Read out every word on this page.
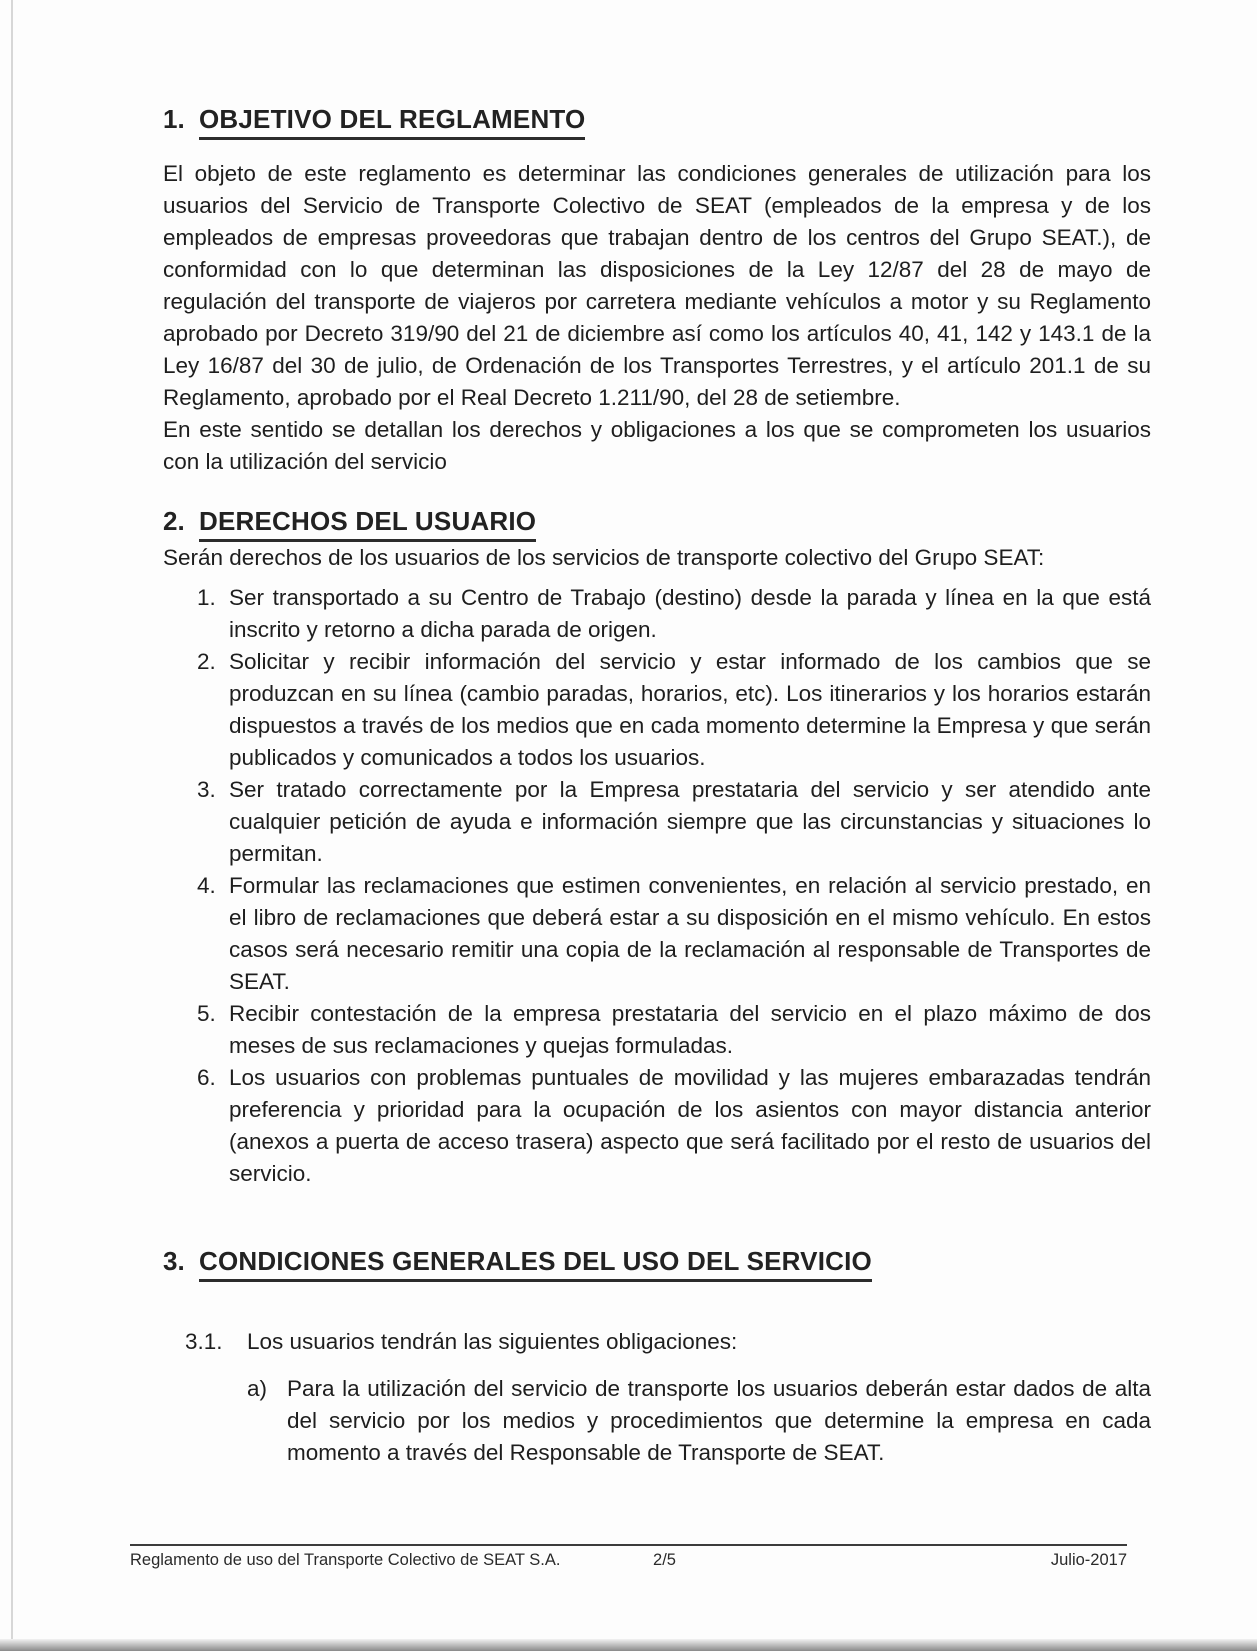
1. OBJETIVO DEL REGLAMENTO

El objeto de este reglamento es determinar las condiciones generales de utilización para los usuarios del Servicio de Transporte Colectivo de SEAT (empleados de la empresa y de los empleados de empresas proveedoras que trabajan dentro de los centros del Grupo SEAT.), de conformidad con lo que determinan las disposiciones de la Ley 12/87 del 28 de mayo de regulación del transporte de viajeros por carretera mediante vehículos a motor y su Reglamento aprobado por Decreto 319/90 del 21 de diciembre así como los artículos 40, 41, 142 y 143.1 de la Ley 16/87 del 30 de julio, de Ordenación de los Transportes Terrestres, y el artículo 201.1 de su Reglamento, aprobado por el Real Decreto 1.211/90, del 28 de setiembre.

En este sentido se detallan los derechos y obligaciones a los que se comprometen los usuarios con la utilización del servicio

2. DERECHOS DEL USUARIO

Serán derechos de los usuarios de los servicios de transporte colectivo del Grupo SEAT:

1. Ser transportado a su Centro de Trabajo (destino) desde la parada y línea en la que está inscrito y retorno a dicha parada de origen.
2. Solicitar y recibir información del servicio y estar informado de los cambios que se produzcan en su línea (cambio paradas, horarios, etc). Los itinerarios y los horarios estarán dispuestos a través de los medios que en cada momento determine la Empresa y que serán publicados y comunicados a todos los usuarios.
3. Ser tratado correctamente por la Empresa prestataria del servicio y ser atendido ante cualquier petición de ayuda e información siempre que las circunstancias y situaciones lo permitan.
4. Formular las reclamaciones que estimen convenientes, en relación al servicio prestado, en el libro de reclamaciones que deberá estar a su disposición en el mismo vehículo. En estos casos será necesario remitir una copia de la reclamación al responsable de Transportes de SEAT.
5. Recibir contestación de la empresa prestataria del servicio en el plazo máximo de dos meses de sus reclamaciones y quejas formuladas.
6. Los usuarios con problemas puntuales de movilidad y las mujeres embarazadas tendrán preferencia y prioridad para la ocupación de los asientos con mayor distancia anterior (anexos a puerta de acceso trasera) aspecto que será facilitado por el resto de usuarios del servicio.
3. CONDICIONES GENERALES DEL USO DEL SERVICIO
3.1. Los usuarios tendrán las siguientes obligaciones:
a) Para la utilización del servicio de transporte los usuarios deberán estar dados de alta del servicio por los medios y procedimientos que determine la empresa en cada momento a través del Responsable de Transporte de SEAT.
Reglamento de uso del Transporte Colectivo de SEAT S.A.	2/5	Julio-2017
